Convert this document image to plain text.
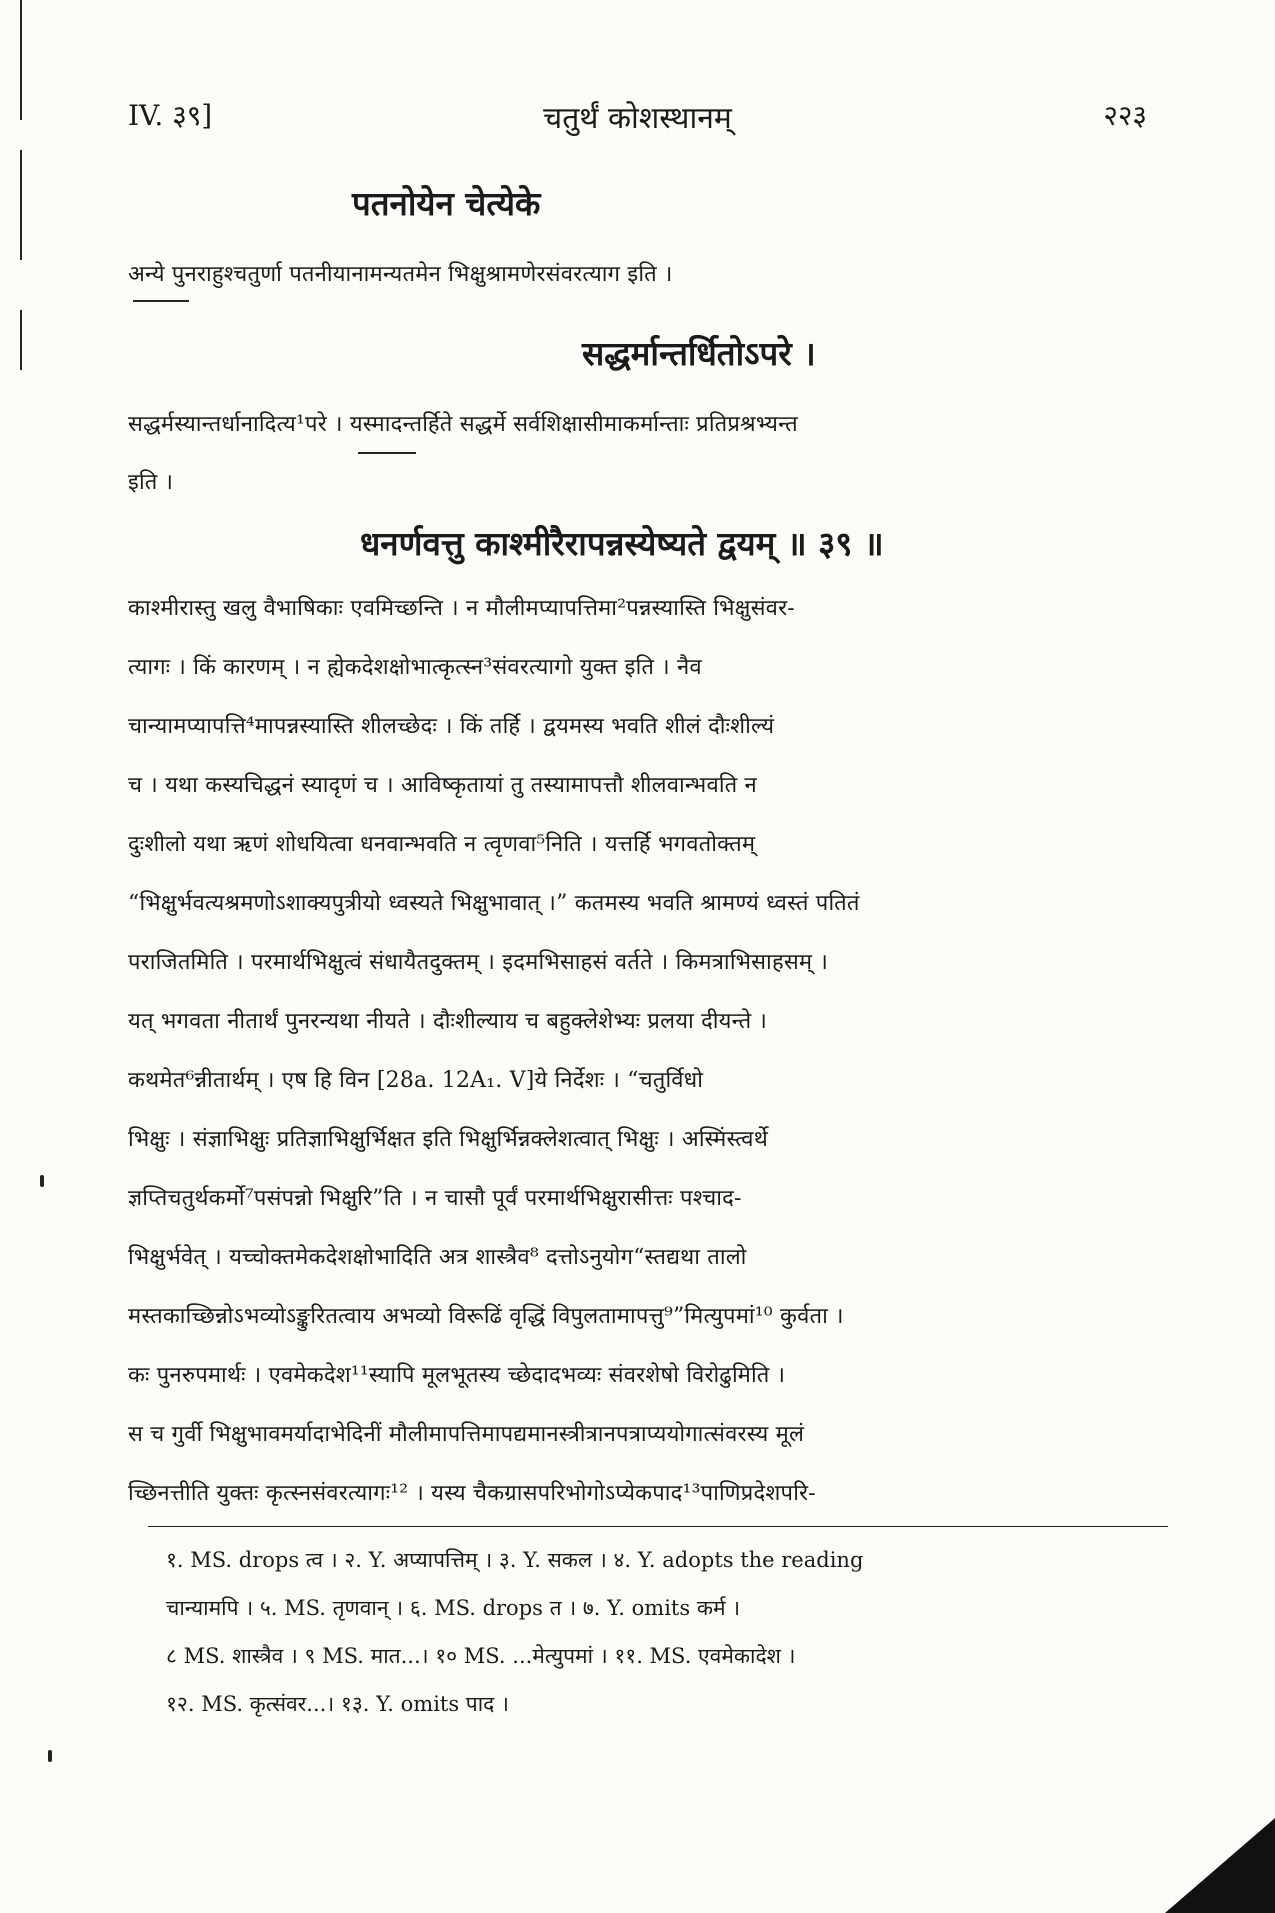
IV. ३९]	चतुर्थं कोशस्थानम्	२२३
पतनोयेन चेत्येके
अन्ये पुनराहुश्चतुर्णा पतनीयानामन्यतमेन भिक्षुश्रामणेरसंवरत्याग इति ।
सद्धर्मान्तर्धितोऽपरे ।
सद्धर्मस्यान्तर्धानादित्य¹परे । यस्मादन्तर्हिते सद्धर्मे सर्वशिक्षासीमाकर्मान्ताः प्रतिप्रश्रभ्यन्त
इति ।
धनर्णवत्तु काश्मीरैरापन्नस्येष्यते द्वयम् ॥ ३९ ॥
काश्मीरास्तु खलु वैभाषिकाः एवमिच्छन्ति । न मौलीमप्यापत्तिमा²पन्नस्यास्ति भिक्षुसंवर-
त्यागः । किं कारणम् । न ह्येकदेशक्षोभात्कृत्स्न³संवरत्यागो युक्त इति । नैव
चान्यामप्यापत्ति⁴मापन्नस्यास्ति शीलच्छेदः । किं तर्हि । द्वयमस्य भवति शीलं दौःशील्यं
च । यथा कस्यचिद्धनं स्यादृणं च । आविष्कृतायां तु तस्यामापत्तौ शीलवान्भवति न
दुःशीलो यथा ऋणं शोधयित्वा धनवान्भवति न त्वृणवा⁵निति । यत्तर्हि भगवतोक्तम्
“भिक्षुर्भवत्यश्रमणोऽशाक्यपुत्रीयो ध्वस्यते भिक्षुभावात् ।” कतमस्य भवति श्रामण्यं ध्वस्तं पतितं
पराजितमिति । परमार्थभिक्षुत्वं संधायैतदुक्तम् । इदमभिसाहसं वर्तते । किमत्राभिसाहसम् ।
यत् भगवता नीतार्थं पुनरन्यथा नीयते । दौःशील्याय च बहुक्लेशेभ्यः प्रलया दीयन्ते ।
कथमेत⁶न्नीतार्थम् । एष हि विन [28a. 12A₁. V]ये निर्देशः । “चतुर्विधो
भिक्षुः । संज्ञाभिक्षुः प्रतिज्ञाभिक्षुर्भिक्षत इति भिक्षुर्भिन्नक्लेशत्वात् भिक्षुः । अस्मिंस्त्वर्थे
ज्ञप्तिचतुर्थकर्मो⁷पसंपन्नो भिक्षुरि”ति । न चासौ पूर्वं परमार्थभिक्षुरासीत्तः पश्चाद-
भिक्षुर्भवेत् । यच्चोक्तमेकदेशक्षोभादिति अत्र शास्त्रैव⁸ दत्तोऽनुयोग“स्तद्यथा तालो
मस्तकाच्छिन्नोऽभव्योऽङ्कुरितत्वाय अभव्यो विरूढिं वृद्धिं विपुलतामापत्तु⁹”मित्युपमां¹⁰ कुर्वता ।
कः पुनरुपमार्थः । एवमेकदेश¹¹स्यापि मूलभूतस्य च्छेदादभव्यः संवरशेषो विरोढुमिति ।
स च गुर्वी भिक्षुभावमर्यादाभेदिनीं मौलीमापत्तिमापद्यमानस्त्रीत्रानपत्राप्ययोगात्संवरस्य मूलं
च्छिनत्तीति युक्तः कृत्स्नसंवरत्यागः¹² । यस्य चैकग्रासपरिभोगोऽप्येकपाद¹³पाणिप्रदेशपरि-
१. MS. drops त्व । २. Y. अप्यापत्तिम् । ३. Y. सकल । ४. Y. adopts the reading
चान्यामपि । ५. MS. तृणवान् । ६. MS. drops त । ७. Y. omits कर्म ।
८ MS. शास्त्रैव । ९ MS. मात...। १० MS. ...मेत्युपमां । ११. MS. एवमेकादेश ।
१२. MS. कृत्संवर...। १३. Y. omits पाद ।
